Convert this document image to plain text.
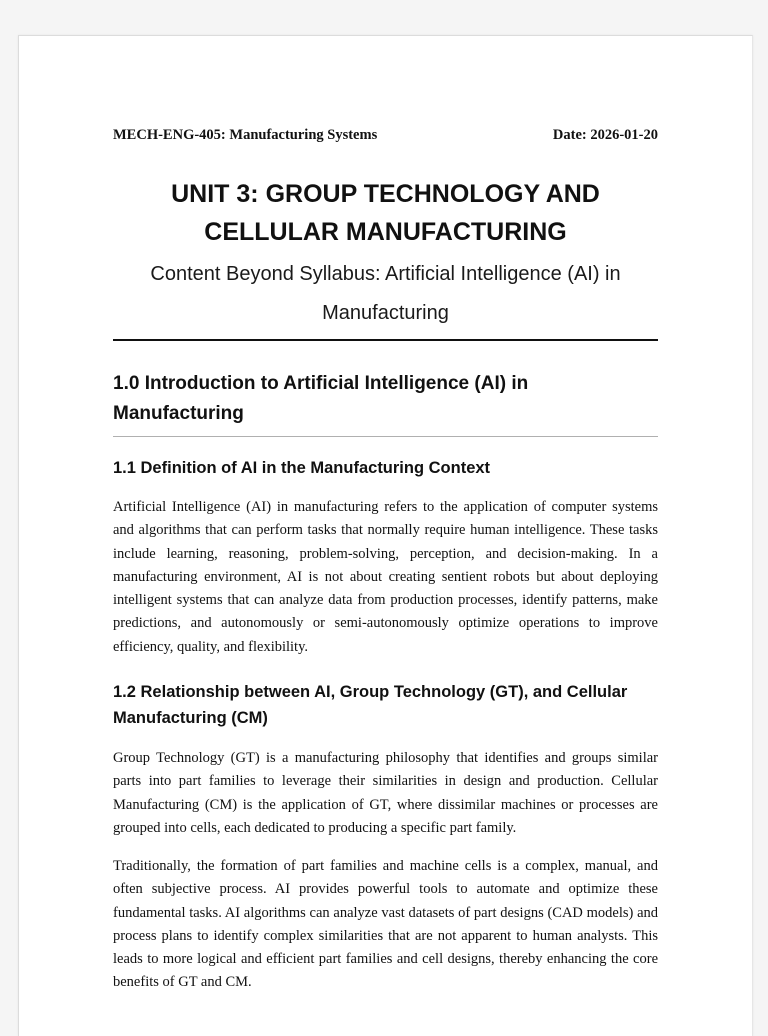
MECH-ENG-405: Manufacturing Systems	Date: 2026-01-20
UNIT 3: GROUP TECHNOLOGY AND CELLULAR MANUFACTURING

Content Beyond Syllabus: Artificial Intelligence (AI) in Manufacturing

1.0 Introduction to Artificial Intelligence (AI) in Manufacturing
1.1 Definition of AI in the Manufacturing Context

Artificial Intelligence (AI) in manufacturing refers to the application of computer systems and algorithms that can perform tasks that normally require human intelligence. These tasks include learning, reasoning, problem-solving, perception, and decision-making. In a manufacturing environment, AI is not about creating sentient robots but about deploying intelligent systems that can analyze data from production processes, identify patterns, make predictions, and autonomously or semi-autonomously optimize operations to improve efficiency, quality, and flexibility.

1.2 Relationship between AI, Group Technology (GT), and Cellular Manufacturing (CM)

Group Technology (GT) is a manufacturing philosophy that identifies and groups similar parts into part families to leverage their similarities in design and production. Cellular Manufacturing (CM) is the application of GT, where dissimilar machines or processes are grouped into cells, each dedicated to producing a specific part family.

Traditionally, the formation of part families and machine cells is a complex, manual, and often subjective process. AI provides powerful tools to automate and optimize these fundamental tasks. AI algorithms can analyze vast datasets of part designs (CAD models) and process plans to identify complex similarities that are not apparent to human analysts. This leads to more logical and efficient part families and cell designs, thereby enhancing the core benefits of GT and CM.
